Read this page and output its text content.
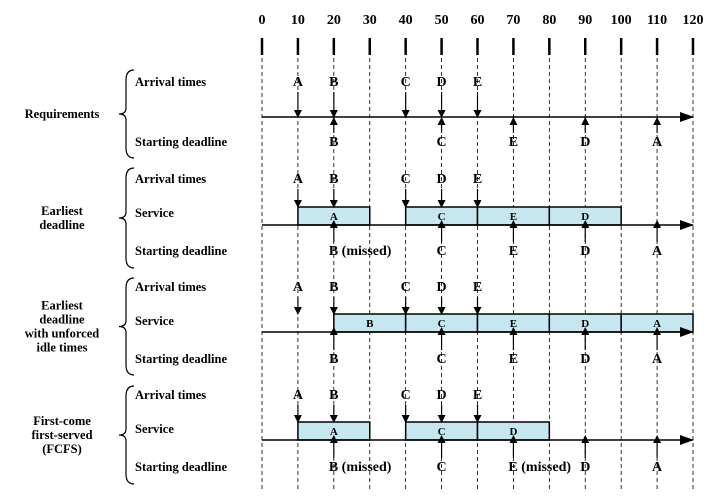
0 10 20 30 40 50 60 70 80 90 100 110 120
Requirements
Arrival times
Starting deadline
A B	C D E
B	C	E	D	A
Earliest
deadline
Arrival times
Service
Starting deadline
A	C	E	D
A B	C D E
B (missed)	C	E	D	A
Earliest
deadline
with unforced
idle times
Arrival times
Service
Starting deadline
B	C	E	D	A
A B	C D E
B	C	E	D	A
First-come
first-served
(FCFS)
Arrival times
Service
Starting deadline
A	C	D
A B	C D E
B (missed)	C	E (missed) D	A
